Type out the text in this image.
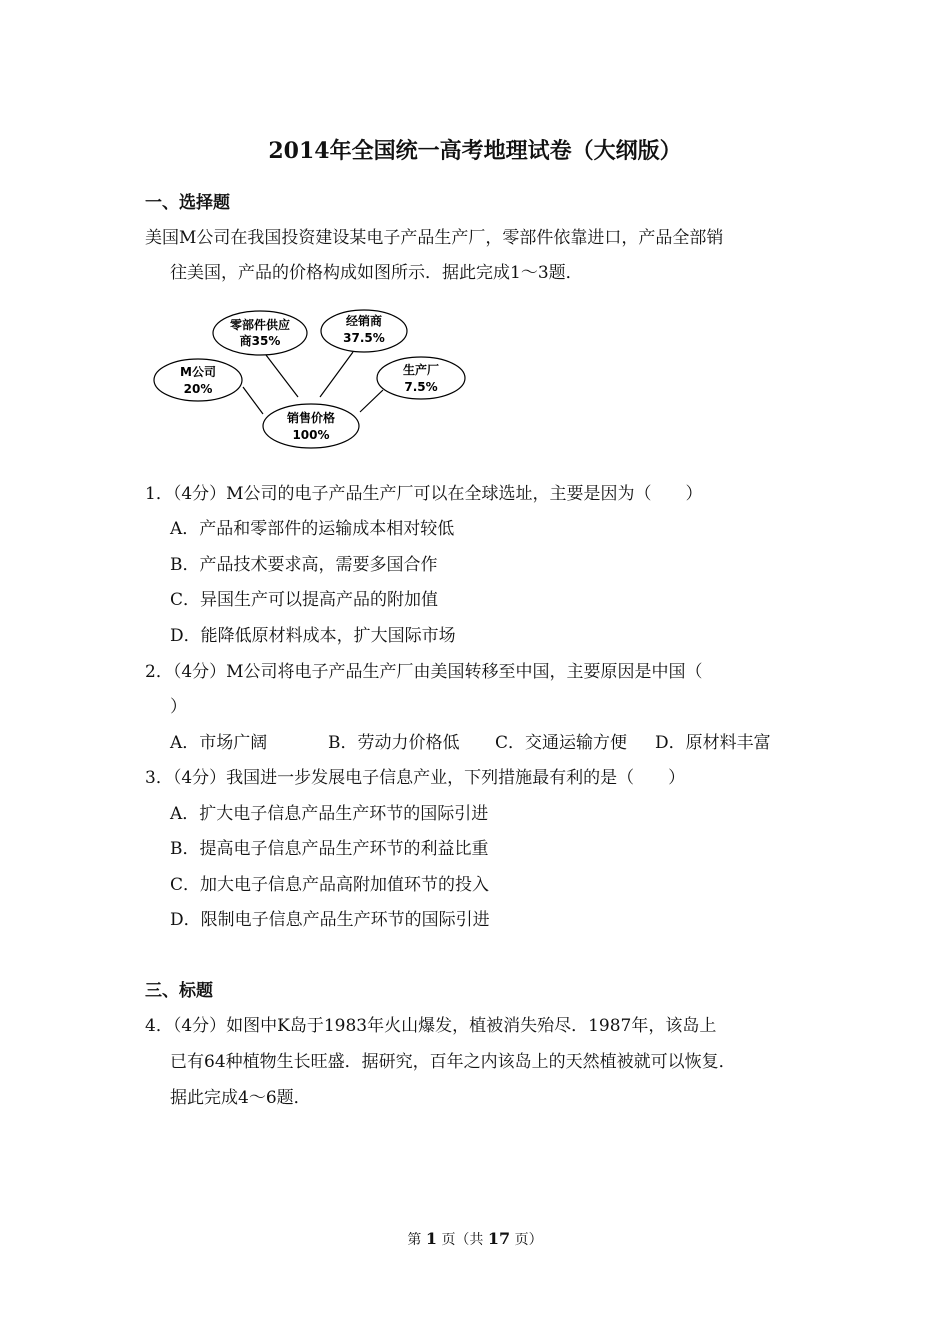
2014年全国统一高考地理试卷（大纲版）
一、选择题
美国M公司在我国投资建设某电子产品生产厂，零部件依靠进口，产品全部销
往美国，产品的价格构成如图所示．据此完成1～3题．
零部件供应
商35%
经销商
37.5%
M公司
20%
生产厂
7.5%
销售价格
100%
1．（4分）M公司的电子产品生产厂可以在全球选址，主要是因为（　　）
A．产品和零部件的运输成本相对较低
B．产品技术要求高，需要多国合作
C．异国生产可以提高产品的附加值
D．能降低原材料成本，扩大国际市场
2．（4分）M公司将电子产品生产厂由美国转移至中国，主要原因是中国（
）
A．市场广阔	B．劳动力价格低 C．交通运输方便 D．原材料丰富
3．（4分）我国进一步发展电子信息产业，下列措施最有利的是（　　）
A．扩大电子信息产品生产环节的国际引进
B．提高电子信息产品生产环节的利益比重
C．加大电子信息产品高附加值环节的投入
D．限制电子信息产品生产环节的国际引进
三、标题
4．（4分）如图中K岛于1983年火山爆发，植被消失殆尽．1987年，该岛上
已有64种植物生长旺盛．据研究，百年之内该岛上的天然植被就可以恢复．
据此完成4～6题．
第 1 页（共 17 页）
